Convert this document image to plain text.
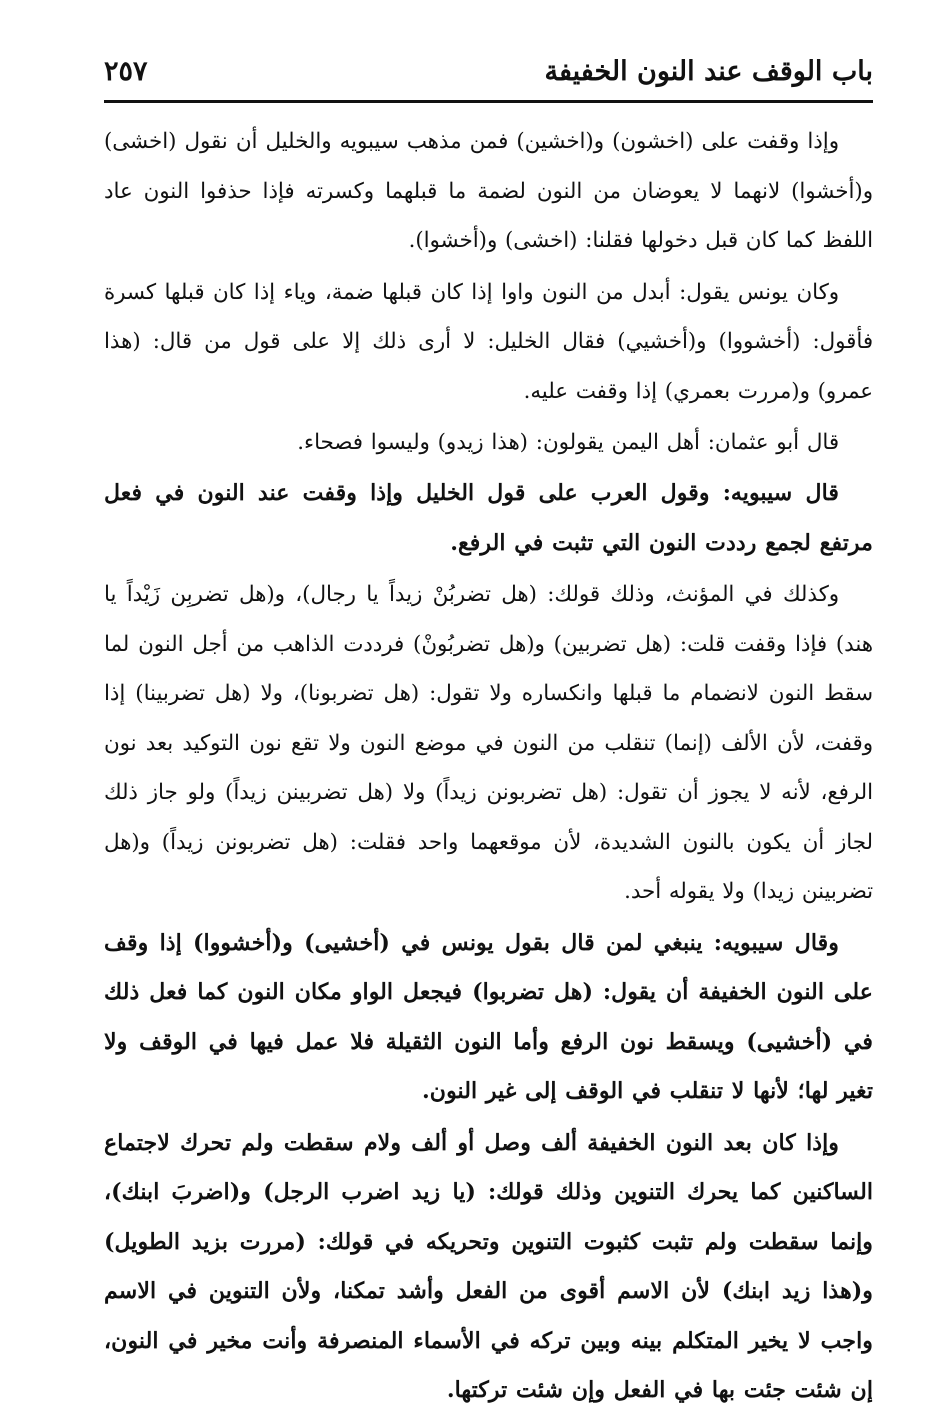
باب الوقف عند النون الخفيفة
٢٥٧

وإذا وقفت على (اخشون) و(اخشين) فمن مذهب سيبويه والخليل أن نقول (اخشى) و(أخشوا) لانهما لا يعوضان من النون لضمة ما قبلهما وكسرته فإذا حذفوا النون عاد اللفظ كما كان قبل دخولها فقلنا: (اخشى) و(أخشوا).

وكان يونس يقول: أبدل من النون واوا إذا كان قبلها ضمة، وياء إذا كان قبلها كسرة فأقول: (أخشووا) و(أخشيي) فقال الخليل: لا أرى ذلك إلا على قول من قال: (هذا عمرو) و(مررت بعمري) إذا وقفت عليه.

قال أبو عثمان: أهل اليمن يقولون: (هذا زيدو) وليسوا فصحاء.

قال سيبويه: وقول العرب على قول الخليل وإذا وقفت عند النون في فعل مرتفع لجمع رددت النون التي تثبت في الرفع.

وكذلك في المؤنث، وذلك قولك: (هل تضربُنْ زيداً يا رجال)، و(هل تضربِن زَيْداً يا هند) فإذا وقفت قلت: (هل تضربين) و(هل تضربُونْ) فرددت الذاهب من أجل النون لما سقط النون لانضمام ما قبلها وانكساره ولا تقول: (هل تضربونا)، ولا (هل تضربينا) إذا وقفت، لأن الألف (إنما) تنقلب من النون في موضع النون ولا تقع نون التوكيد بعد نون الرفع، لأنه لا يجوز أن تقول: (هل تضربونن زيداً) ولا (هل تضربينن زيداً) ولو جاز ذلك لجاز أن يكون بالنون الشديدة، لأن موقعهما واحد فقلت: (هل تضربونن زيداً) و(هل تضربينن زيدا) ولا يقوله أحد.

وقال سيبويه: ينبغي لمن قال بقول يونس في (أخشيى) و(أخشووا) إذا وقف على النون الخفيفة أن يقول: (هل تضربوا) فيجعل الواو مكان النون كما فعل ذلك في (أخشيى) ويسقط نون الرفع وأما النون الثقيلة فلا عمل فيها في الوقف ولا تغير لها؛ لأنها لا تنقلب في الوقف إلى غير النون.

وإذا كان بعد النون الخفيفة ألف وصل أو ألف ولام سقطت ولم تحرك لاجتماع الساكنين كما يحرك التنوين وذلك قولك: (يا زيد اضرب الرجل) و(اضربَ ابنك)، وإنما سقطت ولم تثبت كثبوت التنوين وتحريكه في قولك: (مررت بزيد الطويل) و(هذا زيد ابنك) لأن الاسم أقوى من الفعل وأشد تمكنا، ولأن التنوين في الاسم واجب لا يخير المتكلم بينه وبين تركه في الأسماء المنصرفة وأنت مخير في النون، إن شئت جئت بها في الفعل وإن شئت تركتها.
